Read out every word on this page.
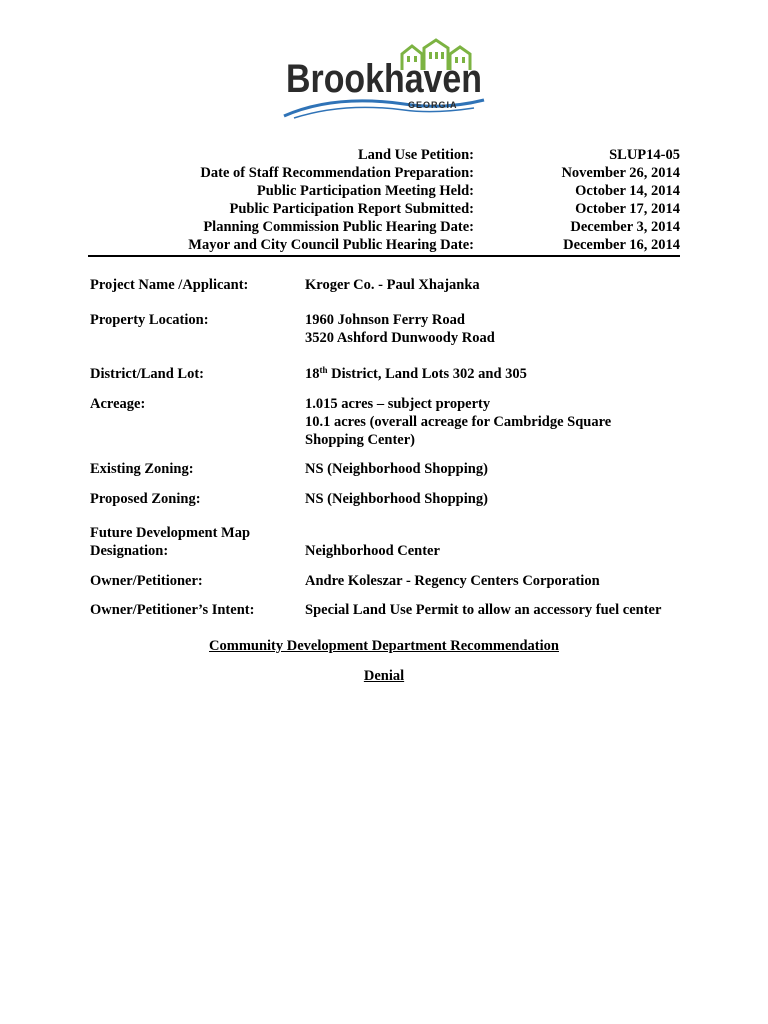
Brookhaven
GEORGIA
Land Use Petition:	SLUP14-05
Date of Staff Recommendation Preparation:	November 26, 2014
Public Participation Meeting Held:	October 14, 2014
Public Participation Report Submitted:	October 17, 2014
Planning Commission Public Hearing Date:	December 3, 2014
Mayor and City Council Public Hearing Date:	December 16, 2014
Project Name /Applicant:	Kroger Co. - Paul Xhajanka
Property Location:	1960 Johnson Ferry Road
3520 Ashford Dunwoody Road
District/Land Lot:	18th District, Land Lots 302 and 305
Acreage:	1.015 acres – subject property
10.1 acres (overall acreage for Cambridge Square
Shopping Center)
Existing Zoning:	NS (Neighborhood Shopping)
Proposed Zoning:	NS (Neighborhood Shopping)
Future Development Map
Designation:	Neighborhood Center
Owner/Petitioner:	Andre Koleszar - Regency Centers Corporation
Owner/Petitioner’s Intent:	Special Land Use Permit to allow an accessory fuel center
Community Development Department Recommendation
Denial
